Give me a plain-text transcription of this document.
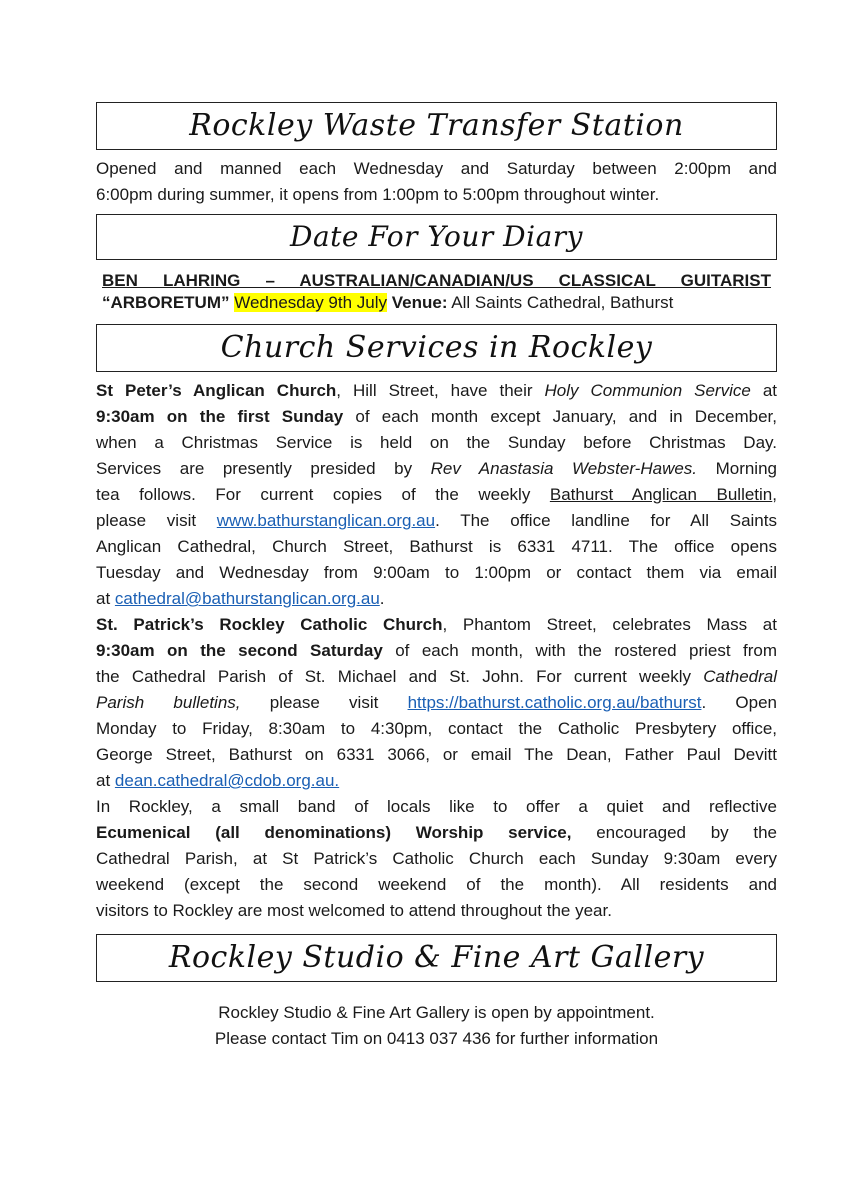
Rockley Waste Transfer Station
Opened and manned each Wednesday and Saturday between 2:00pm and
6:00pm during summer, it opens from 1:00pm to 5:00pm throughout winter.
Date For Your Diary
BEN LAHRING – AUSTRALIAN/CANADIAN/US CLASSICAL GUITARIST
“ARBORETUM” Wednesday 9th July Venue: All Saints Cathedral, Bathurst
Church Services in Rockley
St Peter’s Anglican Church, Hill Street, have their Holy Communion Service at
9:30am on the first Sunday of each month except January, and in December,
when a Christmas Service is held on the Sunday before Christmas Day.
Services are presently presided by Rev Anastasia Webster-Hawes. Morning
tea follows. For current copies of the weekly Bathurst Anglican Bulletin,
please visit www.bathurstanglican.org.au. The office landline for All Saints
Anglican Cathedral, Church Street, Bathurst is 6331 4711. The office opens
Tuesday and Wednesday from 9:00am to 1:00pm or contact them via email
at cathedral@bathurstanglican.org.au.
St. Patrick’s Rockley Catholic Church, Phantom Street, celebrates Mass at
9:30am on the second Saturday of each month, with the rostered priest from
the Cathedral Parish of St. Michael and St. John. For current weekly Cathedral
Parish bulletins, please visit https://bathurst.catholic.org.au/bathurst. Open
Monday to Friday, 8:30am to 4:30pm, contact the Catholic Presbytery office,
George Street, Bathurst on 6331 3066, or email The Dean, Father Paul Devitt
at dean.cathedral@cdob.org.au.
In Rockley, a small band of locals like to offer a quiet and reflective
Ecumenical (all denominations) Worship service, encouraged by the
Cathedral Parish, at St Patrick’s Catholic Church each Sunday 9:30am every
weekend (except the second weekend of the month). All residents and
visitors to Rockley are most welcomed to attend throughout the year.
Rockley Studio & Fine Art Gallery
Rockley Studio & Fine Art Gallery is open by appointment.
Please contact Tim on 0413 037 436 for further information
